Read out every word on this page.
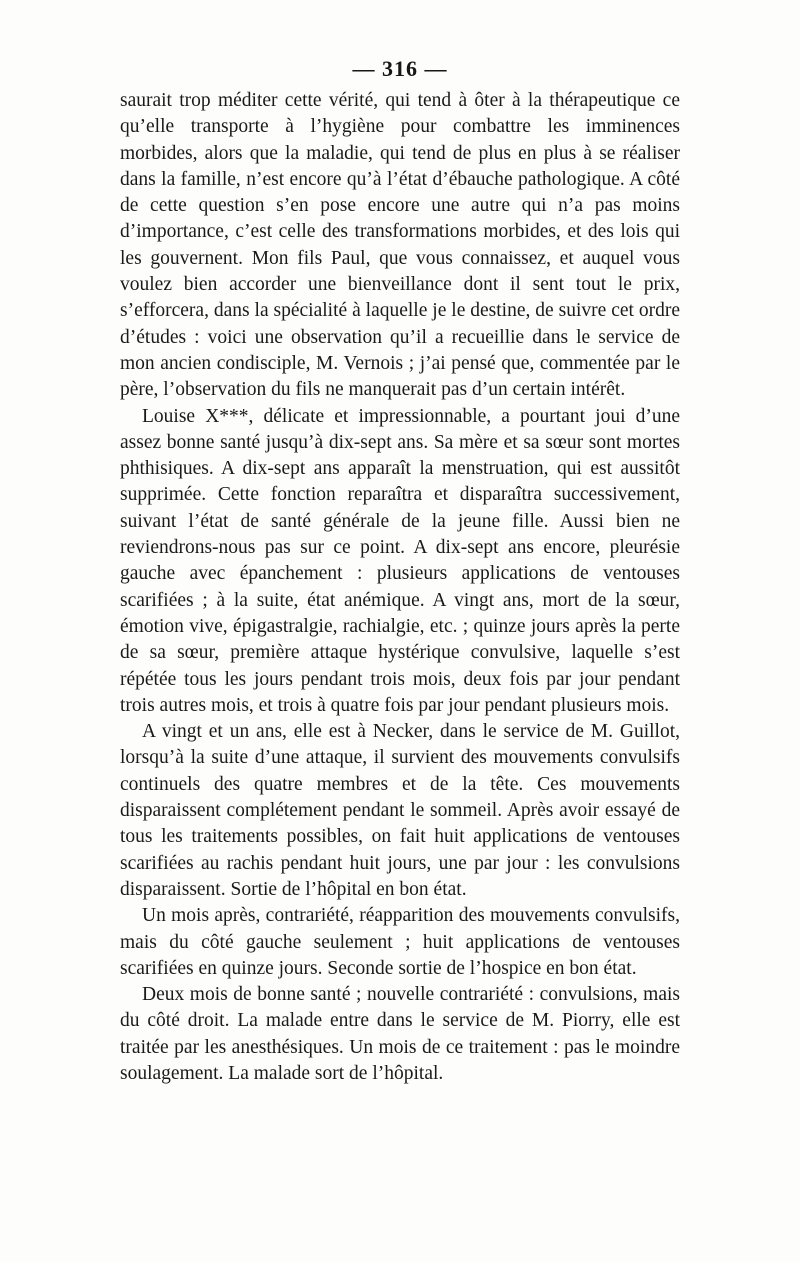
— 316 —

saurait trop méditer cette vérité, qui tend à ôter à la thérapeutique ce qu’elle transporte à l’hygiène pour combattre les imminences morbides, alors que la maladie, qui tend de plus en plus à se réaliser dans la famille, n’est encore qu’à l’état d’ébauche pathologique. A côté de cette question s’en pose encore une autre qui n’a pas moins d’importance, c’est celle des transformations morbides, et des lois qui les gouvernent. Mon fils Paul, que vous connaissez, et auquel vous voulez bien accorder une bienveillance dont il sent tout le prix, s’efforcera, dans la spécialité à laquelle je le destine, de suivre cet ordre d’études : voici une observation qu’il a recueillie dans le service de mon ancien condisciple, M. Vernois ; j’ai pensé que, commentée par le père, l’observation du fils ne manquerait pas d’un certain intérêt.

Louise X***, délicate et impressionnable, a pourtant joui d’une assez bonne santé jusqu’à dix-sept ans. Sa mère et sa sœur sont mortes phthisiques. A dix-sept ans apparaît la menstruation, qui est aussitôt supprimée. Cette fonction reparaîtra et disparaîtra successivement, suivant l’état de santé générale de la jeune fille. Aussi bien ne reviendrons-nous pas sur ce point. A dix-sept ans encore, pleurésie gauche avec épanchement : plusieurs applications de ventouses scarifiées ; à la suite, état anémique. A vingt ans, mort de la sœur, émotion vive, épigastralgie, rachialgie, etc. ; quinze jours après la perte de sa sœur, première attaque hystérique convulsive, laquelle s’est répétée tous les jours pendant trois mois, deux fois par jour pendant trois autres mois, et trois à quatre fois par jour pendant plusieurs mois.

A vingt et un ans, elle est à Necker, dans le service de M. Guillot, lorsqu’à la suite d’une attaque, il survient des mouvements convulsifs continuels des quatre membres et de la tête. Ces mouvements disparaissent complétement pendant le sommeil. Après avoir essayé de tous les traitements possibles, on fait huit applications de ventouses scarifiées au rachis pendant huit jours, une par jour : les convulsions disparaissent. Sortie de l’hôpital en bon état.

Un mois après, contrariété, réapparition des mouvements convulsifs, mais du côté gauche seulement ; huit applications de ventouses scarifiées en quinze jours. Seconde sortie de l’hospice en bon état.

Deux mois de bonne santé ; nouvelle contrariété : convulsions, mais du côté droit. La malade entre dans le service de M. Piorry, elle est traitée par les anesthésiques. Un mois de ce traitement : pas le moindre soulagement. La malade sort de l’hôpital.
